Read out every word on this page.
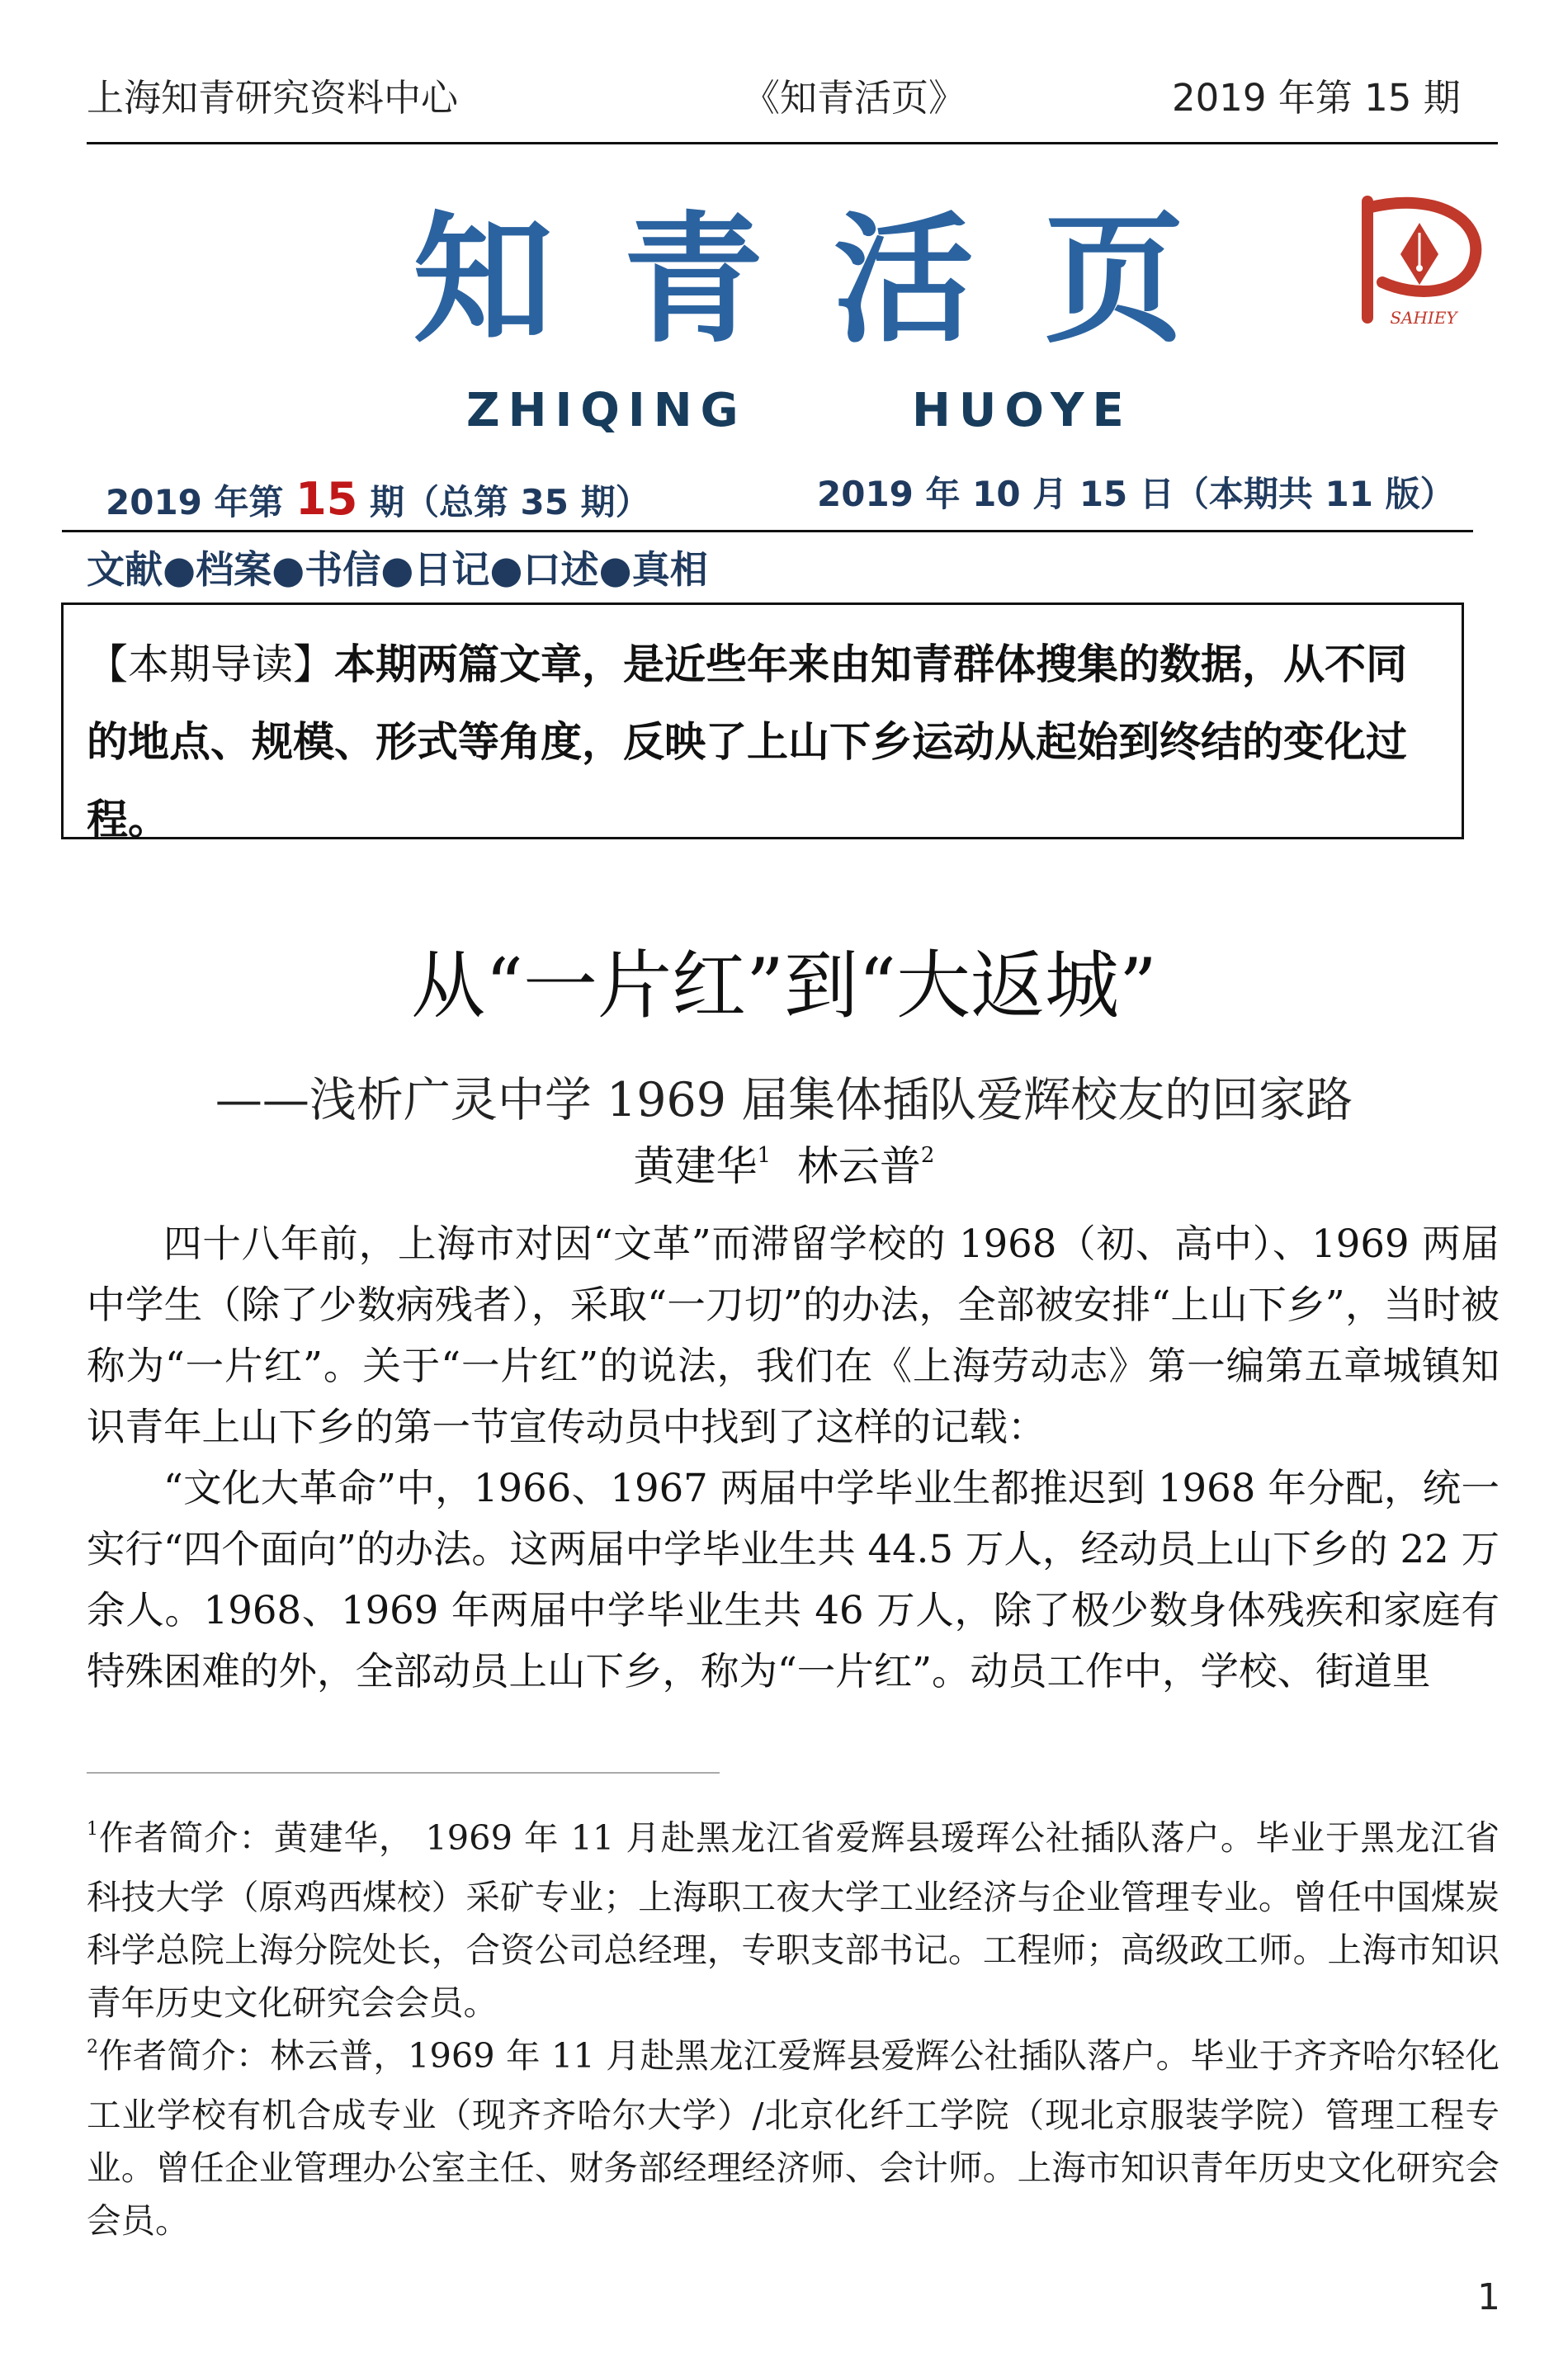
上海知青研究资料中心	《知青活页》	2019 年第 15 期
知 青 活 页
ZHIQING	HUOYE
SAHIEY
2019 年第 15 期（总第 35 期）	2019 年 10 月 15 日（本期共 11 版）
文献●档案●书信●日记●口述●真相
【本期导读】本期两篇文章，是近些年来由知青群体搜集的数据，从不同的地点、规模、形式等角度，反映了上山下乡运动从起始到终结的变化过程。
从“一片红”到“大返城”
——浅析广灵中学 1969 届集体插队爱辉校友的回家路
黄建华$^1$ 林云普$^2$

四十八年前，上海市对因“文革”而滞留学校的 1968（初、高中）、1969 两届中学生（除了少数病残者），采取“一刀切”的办法，全部被安排“上山下乡”，当时被称为“一片红”。关于“一片红”的说法，我们在《上海劳动志》第一编第五章城镇知识青年上山下乡的第一节宣传动员中找到了这样的记载：

“文化大革命”中，1966、1967 两届中学毕业生都推迟到 1968 年分配，统一实行“四个面向”的办法。这两届中学毕业生共 44.5 万人，经动员上山下乡的 22 万余人。1968、1969 年两届中学毕业生共 46 万人，除了极少数身体残疾和家庭有特殊困难的外，全部动员上山下乡，称为“一片红”。动员工作中，学校、街道里

$^1$作者简介：黄建华， 1969 年 11 月赴黑龙江省爱辉县瑷珲公社插队落户。毕业于黑龙江省科技大学（原鸡西煤校）采矿专业；上海职工夜大学工业经济与企业管理专业。曾任中国煤炭科学总院上海分院处长，合资公司总经理，专职支部书记。工程师；高级政工师。上海市知识青年历史文化研究会会员。

$^2$作者简介：林云普，1969 年 11 月赴黑龙江爱辉县爱辉公社插队落户。毕业于齐齐哈尔轻化工业学校有机合成专业（现齐齐哈尔大学）/北京化纤工学院（现北京服装学院）管理工程专业。曾任企业管理办公室主任、财务部经理经济师、会计师。上海市知识青年历史文化研究会会员。

1
